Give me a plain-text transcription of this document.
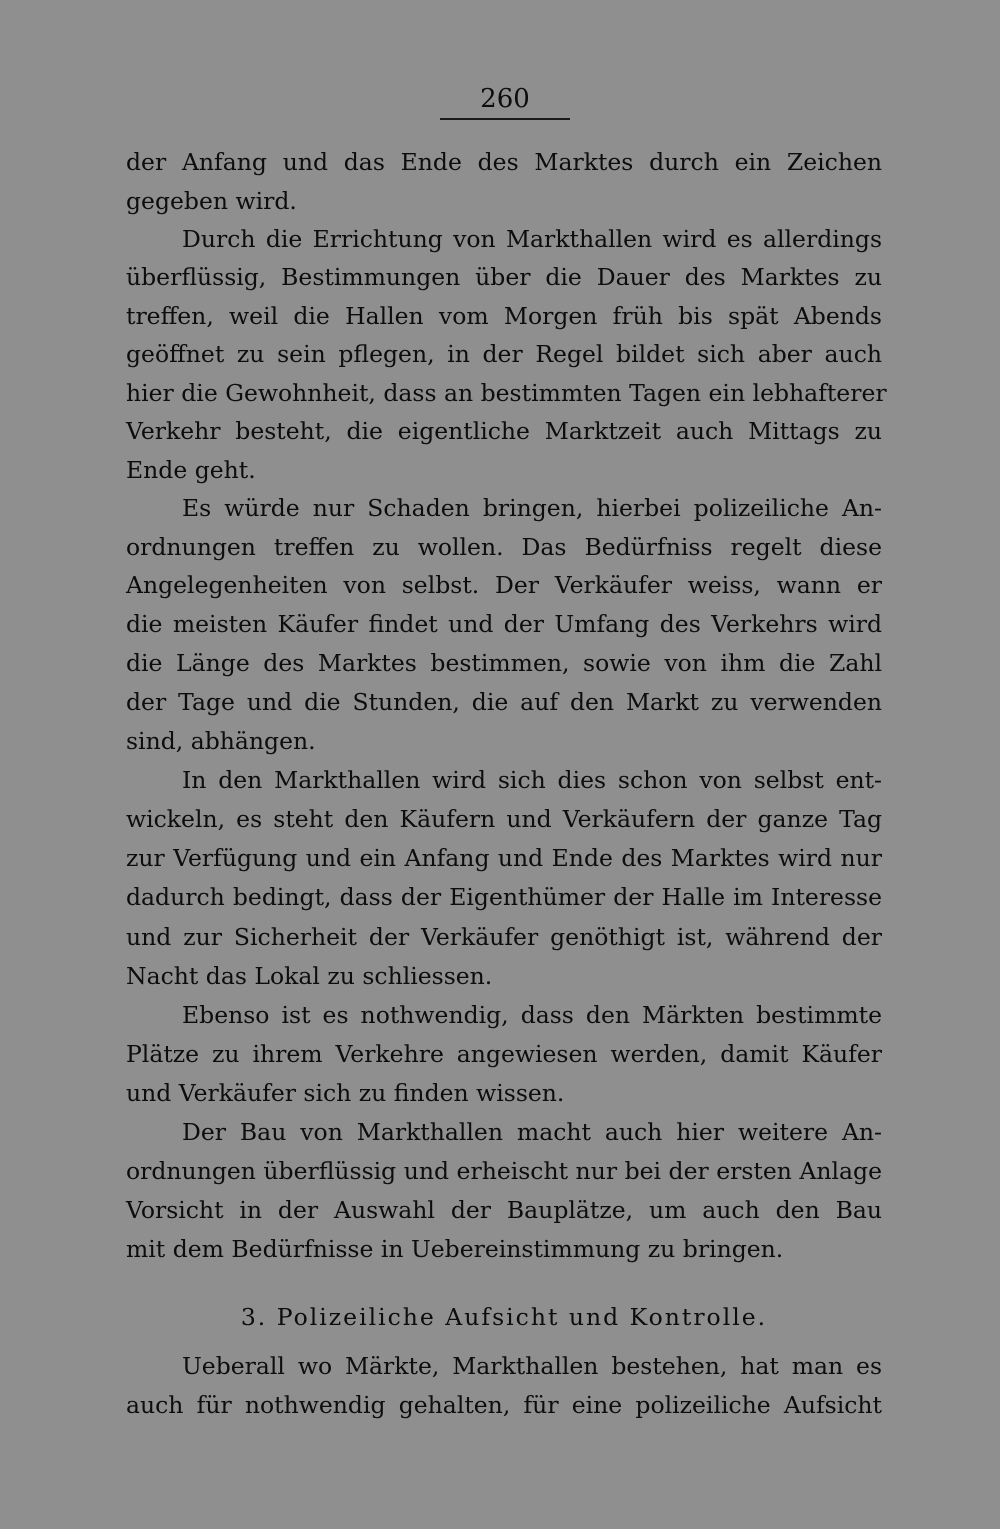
260
der Anfang und das Ende des Marktes durch ein Zeichen
gegeben wird.
Durch die Errichtung von Markthallen wird es allerdings
überflüssig, Bestimmungen über die Dauer des Marktes zu
treffen, weil die Hallen vom Morgen früh bis spät Abends
geöffnet zu sein pflegen, in der Regel bildet sich aber auch
hier die Gewohnheit, dass an bestimmten Tagen ein lebhafterer
Verkehr besteht, die eigentliche Marktzeit auch Mittags zu
Ende geht.
Es würde nur Schaden bringen, hierbei polizeiliche An-
ordnungen treffen zu wollen. Das Bedürfniss regelt diese
Angelegenheiten von selbst. Der Verkäufer weiss, wann er
die meisten Käufer findet und der Umfang des Verkehrs wird
die Länge des Marktes bestimmen, sowie von ihm die Zahl
der Tage und die Stunden, die auf den Markt zu verwenden
sind, abhängen.
In den Markthallen wird sich dies schon von selbst ent-
wickeln, es steht den Käufern und Verkäufern der ganze Tag
zur Verfügung und ein Anfang und Ende des Marktes wird nur
dadurch bedingt, dass der Eigenthümer der Halle im Interesse
und zur Sicherheit der Verkäufer genöthigt ist, während der
Nacht das Lokal zu schliessen.
Ebenso ist es nothwendig, dass den Märkten bestimmte
Plätze zu ihrem Verkehre angewiesen werden, damit Käufer
und Verkäufer sich zu finden wissen.
Der Bau von Markthallen macht auch hier weitere An-
ordnungen überflüssig und erheischt nur bei der ersten Anlage
Vorsicht in der Auswahl der Bauplätze, um auch den Bau
mit dem Bedürfnisse in Uebereinstimmung zu bringen.
3. Polizeiliche Aufsicht und Kontrolle.
Ueberall wo Märkte, Markthallen bestehen, hat man es
auch für nothwendig gehalten, für eine polizeiliche Aufsicht
